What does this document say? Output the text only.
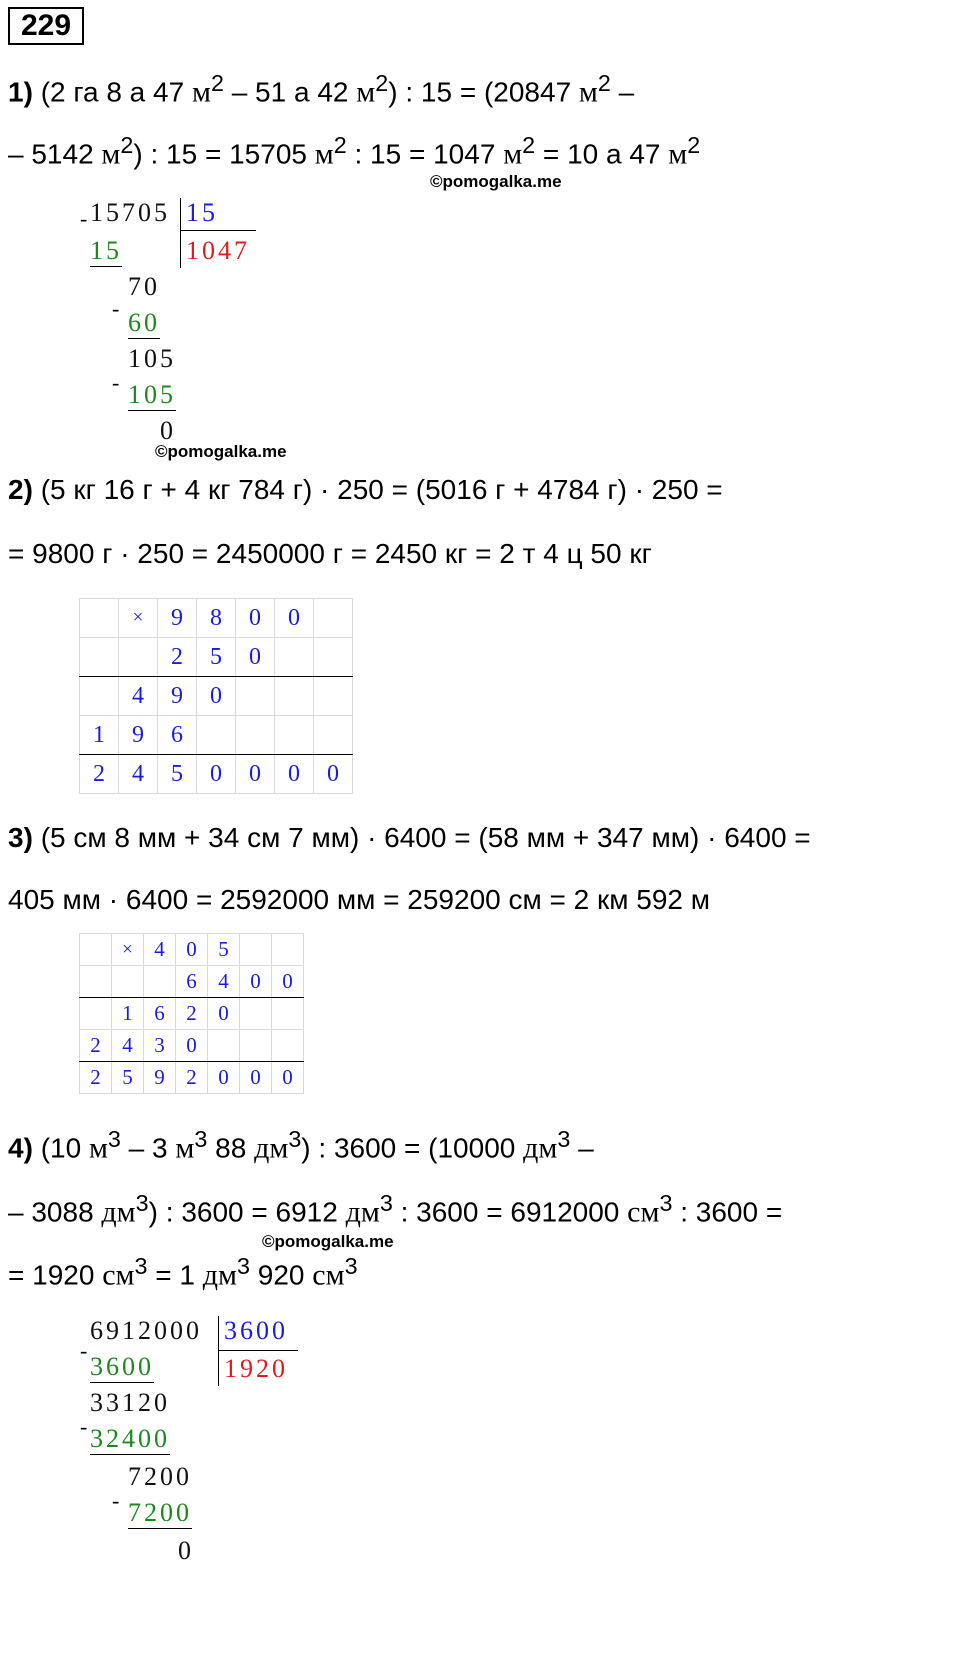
229
1) (2 га 8 а 47 $м^2 - 51$ а 42 $м^2$) : 15 = (20847 $м^2$ –
– 5142 $м^2$) : 15 = 15705 $м^2$ : 15 = 1047 $м^2 = 10$ а 47 $м^2$
©pomogalka.me
- 15705 15
1047
15
70
- 60
105
- 105
0
©pomogalka.me
2) (5 кг 16 г + 4 кг 784 г) · 250 = (5016 г + 4784 г) · 250 =
= 9800 г · 250 = 2450000 г = 2450 кг = 2 т 4 ц 50 кг
	×	9	8	0	0	
		2	5	0		
	4	9	0			
1	9	6				
2	4	5	0	0	0	0
3) (5 см 8 мм + 34 см 7 мм) · 6400 = (58 мм + 347 мм) · 6400 =
405 мм · 6400 = 2592000 мм = 259200 см = 2 км 592 м
	×	4	0	5		
			6	4	0	0
	1	6	2	0		
2	4	3	0			
2	5	9	2	0	0	0
4) (10 $м^3 - 3$ $м^3$ 88 $дм^3$) : 3600 = (10000 $дм^3$ –
– 3088 $дм^3$) : 3600 = 6912 $дм^3$ : 3600 = 6912000 $см^3$ : 3600 =
©pomogalka.me
= 1920 $см^3 = 1$ $дм^3$ 920 $см^3$
-
6912000 3600
1920
3600
33120
- 32400
7200
- 7200
0
